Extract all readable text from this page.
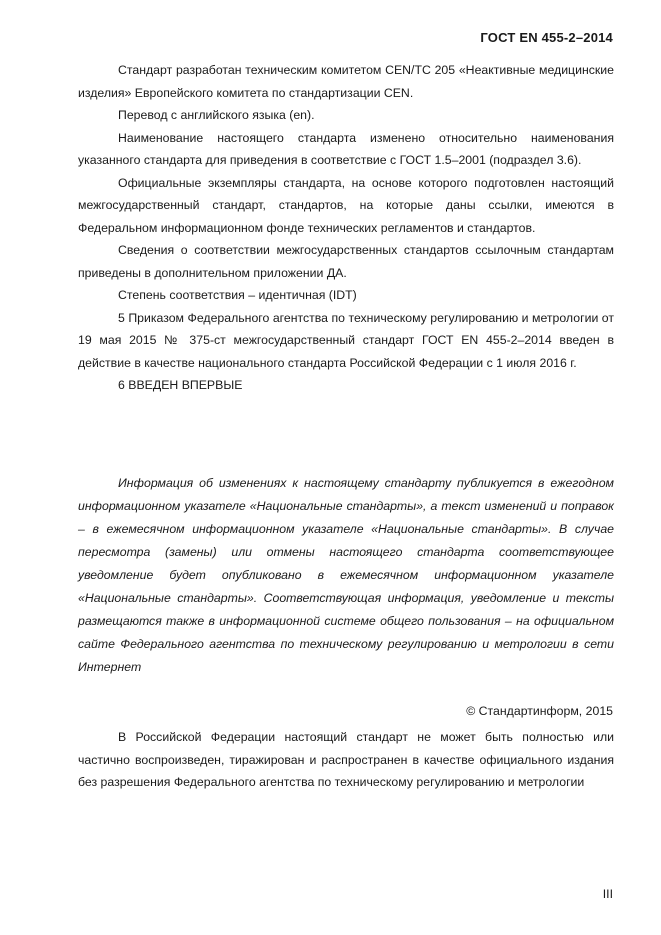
ГОСТ EN 455-2–2014

Стандарт разработан техническим комитетом CEN/TC 205 «Неактивные медицинские изделия» Европейского комитета по стандартизации CEN.

Перевод с английского языка (en).

Наименование настоящего стандарта изменено относительно наименования указанного стандарта для приведения в соответствие с ГОСТ 1.5–2001 (подраздел 3.6).

Официальные экземпляры стандарта, на основе которого подготовлен настоящий межгосударственный стандарт, стандартов, на которые даны ссылки, имеются в Федеральном информационном фонде технических регламентов и стандартов.

Сведения о соответствии межгосударственных стандартов ссылочным стандартам приведены в дополнительном приложении ДА.

Степень соответствия – идентичная (IDT)

5 Приказом Федерального агентства по техническому регулированию и метрологии от 19 мая 2015 № 375-ст межгосударственный стандарт ГОСТ EN 455-2–2014 введен в действие в качестве национального стандарта Российской Федерации с 1 июля 2016 г.

6 ВВЕДЕН ВПЕРВЫЕ

Информация об изменениях к настоящему стандарту публикуется в ежегодном информационном указателе «Национальные стандарты», а текст изменений и поправок – в ежемесячном информационном указателе «Национальные стандарты». В случае пересмотра (замены) или отмены настоящего стандарта соответствующее уведомление будет опубликовано в ежемесячном информационном указателе «Национальные стандарты». Соответствующая информация, уведомление и тексты размещаются также в информационной системе общего пользования – на официальном сайте Федерального агентства по техническому регулированию и метрологии в сети Интернет

© Стандартинформ, 2015

В Российской Федерации настоящий стандарт не может быть полностью или частично воспроизведен, тиражирован и распространен в качестве официального издания без разрешения Федерального агентства по техническому регулированию и метрологии

III
